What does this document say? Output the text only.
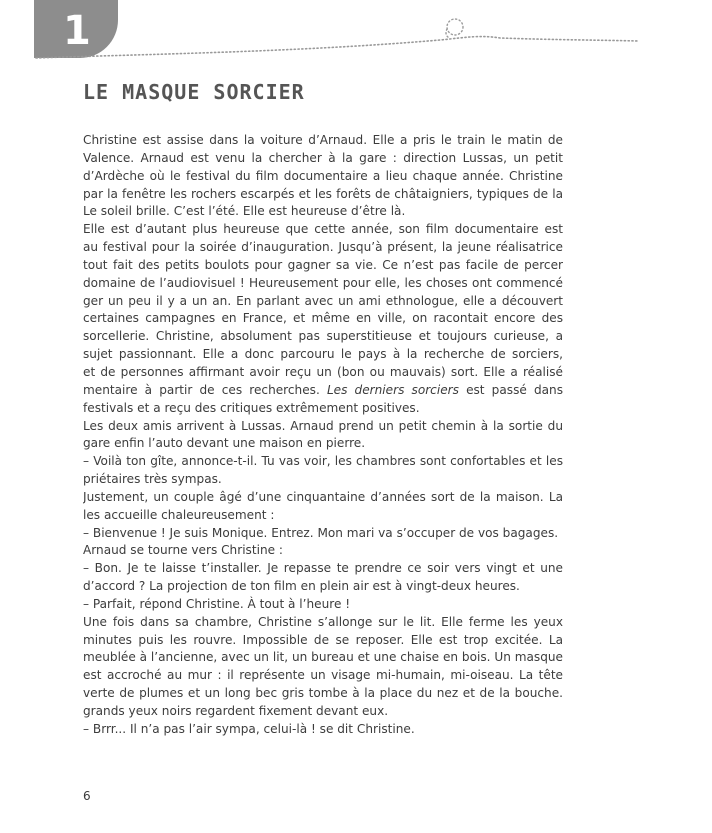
1
LE MASQUE SORCIER
Christine est assise dans la voiture d’Arnaud. Elle a pris le train le matin de
Valence. Arnaud est venu la chercher à la gare : direction Lussas, un petit
d’Ardèche où le festival du film documentaire a lieu chaque année. Christine
par la fenêtre les rochers escarpés et les forêts de châtaigniers, typiques de la
Le soleil brille. C’est l’été. Elle est heureuse d’être là.
Elle est d’autant plus heureuse que cette année, son film documentaire est
au festival pour la soirée d’inauguration. Jusqu’à présent, la jeune réalisatrice
tout fait des petits boulots pour gagner sa vie. Ce n’est pas facile de percer
domaine de l’audiovisuel ! Heureusement pour elle, les choses ont commencé
ger un peu il y a un an. En parlant avec un ami ethnologue, elle a découvert
certaines campagnes en France, et même en ville, on racontait encore des
sorcellerie. Christine, absolument pas superstitieuse et toujours curieuse, a
sujet passionnant. Elle a donc parcouru le pays à la recherche de sorciers,
et de personnes affirmant avoir reçu un (bon ou mauvais) sort. Elle a réalisé
mentaire à partir de ces recherches. Les derniers sorciers est passé dans
festivals et a reçu des critiques extrêmement positives.
Les deux amis arrivent à Lussas. Arnaud prend un petit chemin à la sortie du
gare enfin l’auto devant une maison en pierre.
– Voilà ton gîte, annonce-t-il. Tu vas voir, les chambres sont confortables et les
priétaires très sympas.
Justement, un couple âgé d’une cinquantaine d’années sort de la maison. La
les accueille chaleureusement :
– Bienvenue ! Je suis Monique. Entrez. Mon mari va s’occuper de vos bagages.
Arnaud se tourne vers Christine :
– Bon. Je te laisse t’installer. Je repasse te prendre ce soir vers vingt et une
d’accord ? La projection de ton film en plein air est à vingt-deux heures.
– Parfait, répond Christine. À tout à l’heure !
Une fois dans sa chambre, Christine s’allonge sur le lit. Elle ferme les yeux
minutes puis les rouvre. Impossible de se reposer. Elle est trop excitée. La
meublée à l’ancienne, avec un lit, un bureau et une chaise en bois. Un masque
est accroché au mur : il représente un visage mi-humain, mi-oiseau. La tête
verte de plumes et un long bec gris tombe à la place du nez et de la bouche.
grands yeux noirs regardent fixement devant eux.
– Brrr... Il n’a pas l’air sympa, celui-là ! se dit Christine.
6
